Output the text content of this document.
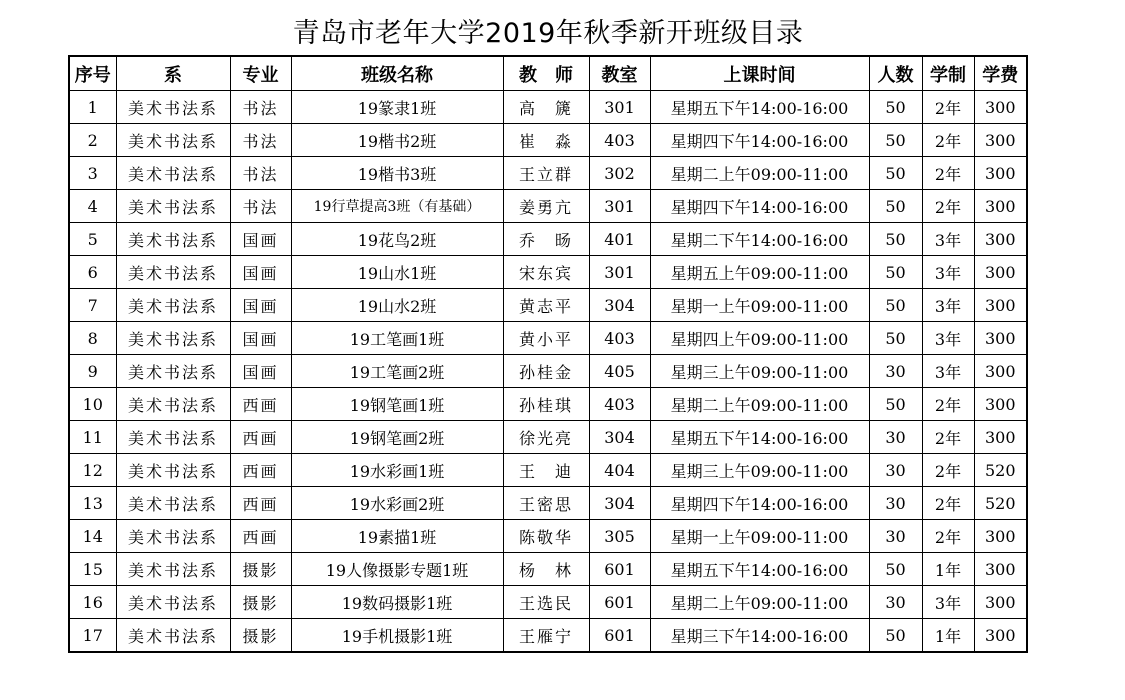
青岛市老年大学2019年秋季新开班级目录
序号	系	专业	班级名称	教　师	教室	上课时间	人数	学制	学费
1	美术书法系	书法	19篆隶1班	高　篪	301	星期五下午14:00-16:00	50	2年	300
2	美术书法系	书法	19楷书2班	崔　淼	403	星期四下午14:00-16:00	50	2年	300
3	美术书法系	书法	19楷书3班	王立群	302	星期二上午09:00-11:00	50	2年	300
4	美术书法系	书法	19行草提高3班（有基础）	姜勇亢	301	星期四下午14:00-16:00	50	2年	300
5	美术书法系	国画	19花鸟2班	乔　旸	401	星期二下午14:00-16:00	50	3年	300
6	美术书法系	国画	19山水1班	宋东宾	301	星期五上午09:00-11:00	50	3年	300
7	美术书法系	国画	19山水2班	黄志平	304	星期一上午09:00-11:00	50	3年	300
8	美术书法系	国画	19工笔画1班	黄小平	403	星期四上午09:00-11:00	50	3年	300
9	美术书法系	国画	19工笔画2班	孙桂金	405	星期三上午09:00-11:00	30	3年	300
10	美术书法系	西画	19钢笔画1班	孙桂琪	403	星期二上午09:00-11:00	50	2年	300
11	美术书法系	西画	19钢笔画2班	徐光亮	304	星期五下午14:00-16:00	30	2年	300
12	美术书法系	西画	19水彩画1班	王　迪	404	星期三上午09:00-11:00	30	2年	520
13	美术书法系	西画	19水彩画2班	王密思	304	星期四下午14:00-16:00	30	2年	520
14	美术书法系	西画	19素描1班	陈敬华	305	星期一上午09:00-11:00	30	2年	300
15	美术书法系	摄影	19人像摄影专题1班	杨　林	601	星期五下午14:00-16:00	50	1年	300
16	美术书法系	摄影	19数码摄影1班	王选民	601	星期二上午09:00-11:00	30	3年	300
17	美术书法系	摄影	19手机摄影1班	王雁宁	601	星期三下午14:00-16:00	50	1年	300
